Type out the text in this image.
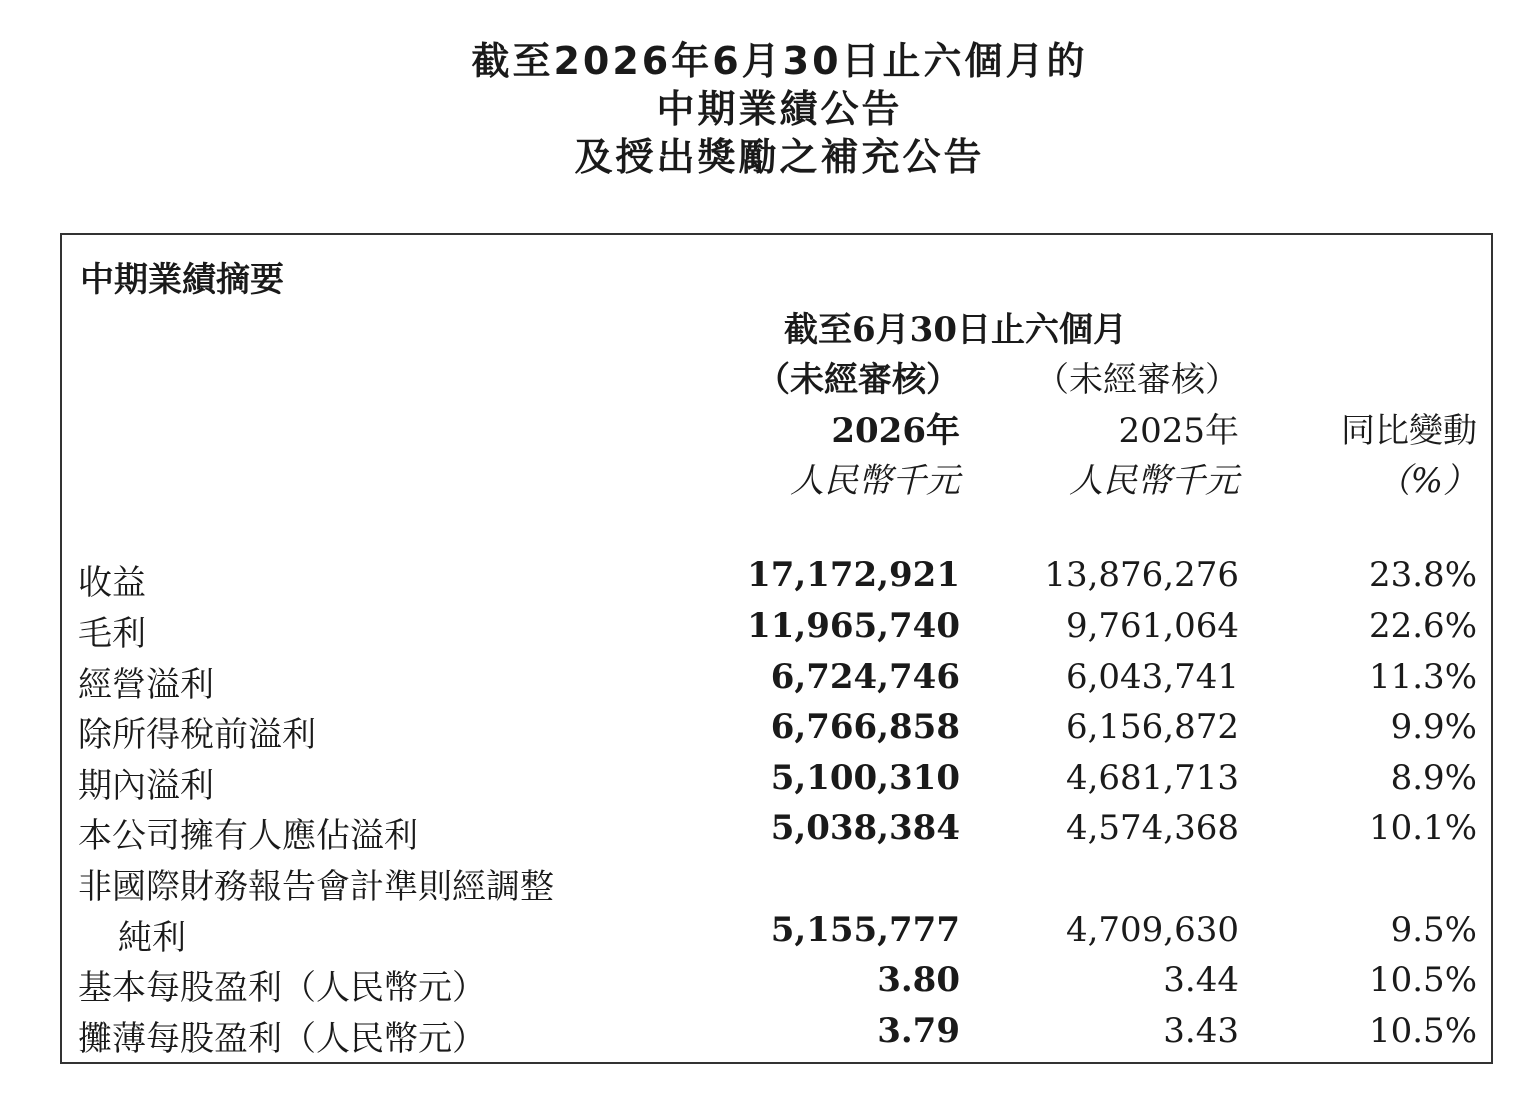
截至2026年6月30日止六個月的
中期業績公告
及授出獎勵之補充公告
中期業績摘要
截至6月30日止六個月
（未經審核） （未經審核）
2026年	2025年	同比變動
人民幣千元	人民幣千元	（%）
收益	17,172,921 13,876,276	23.8%
毛利	11,965,740	9,761,064	22.6%
經營溢利	6,724,746	6,043,741	11.3%
除所得稅前溢利	6,766,858	6,156,872	9.9%
期內溢利	5,100,310	4,681,713	8.9%
本公司擁有人應佔溢利	5,038,384	4,574,368	10.1%
非國際財務報告會計準則經調整
純利	5,155,777	4,709,630	9.5%
基本每股盈利（人民幣元）	3.80	3.44	10.5%
攤薄每股盈利（人民幣元）	3.79	3.43	10.5%
